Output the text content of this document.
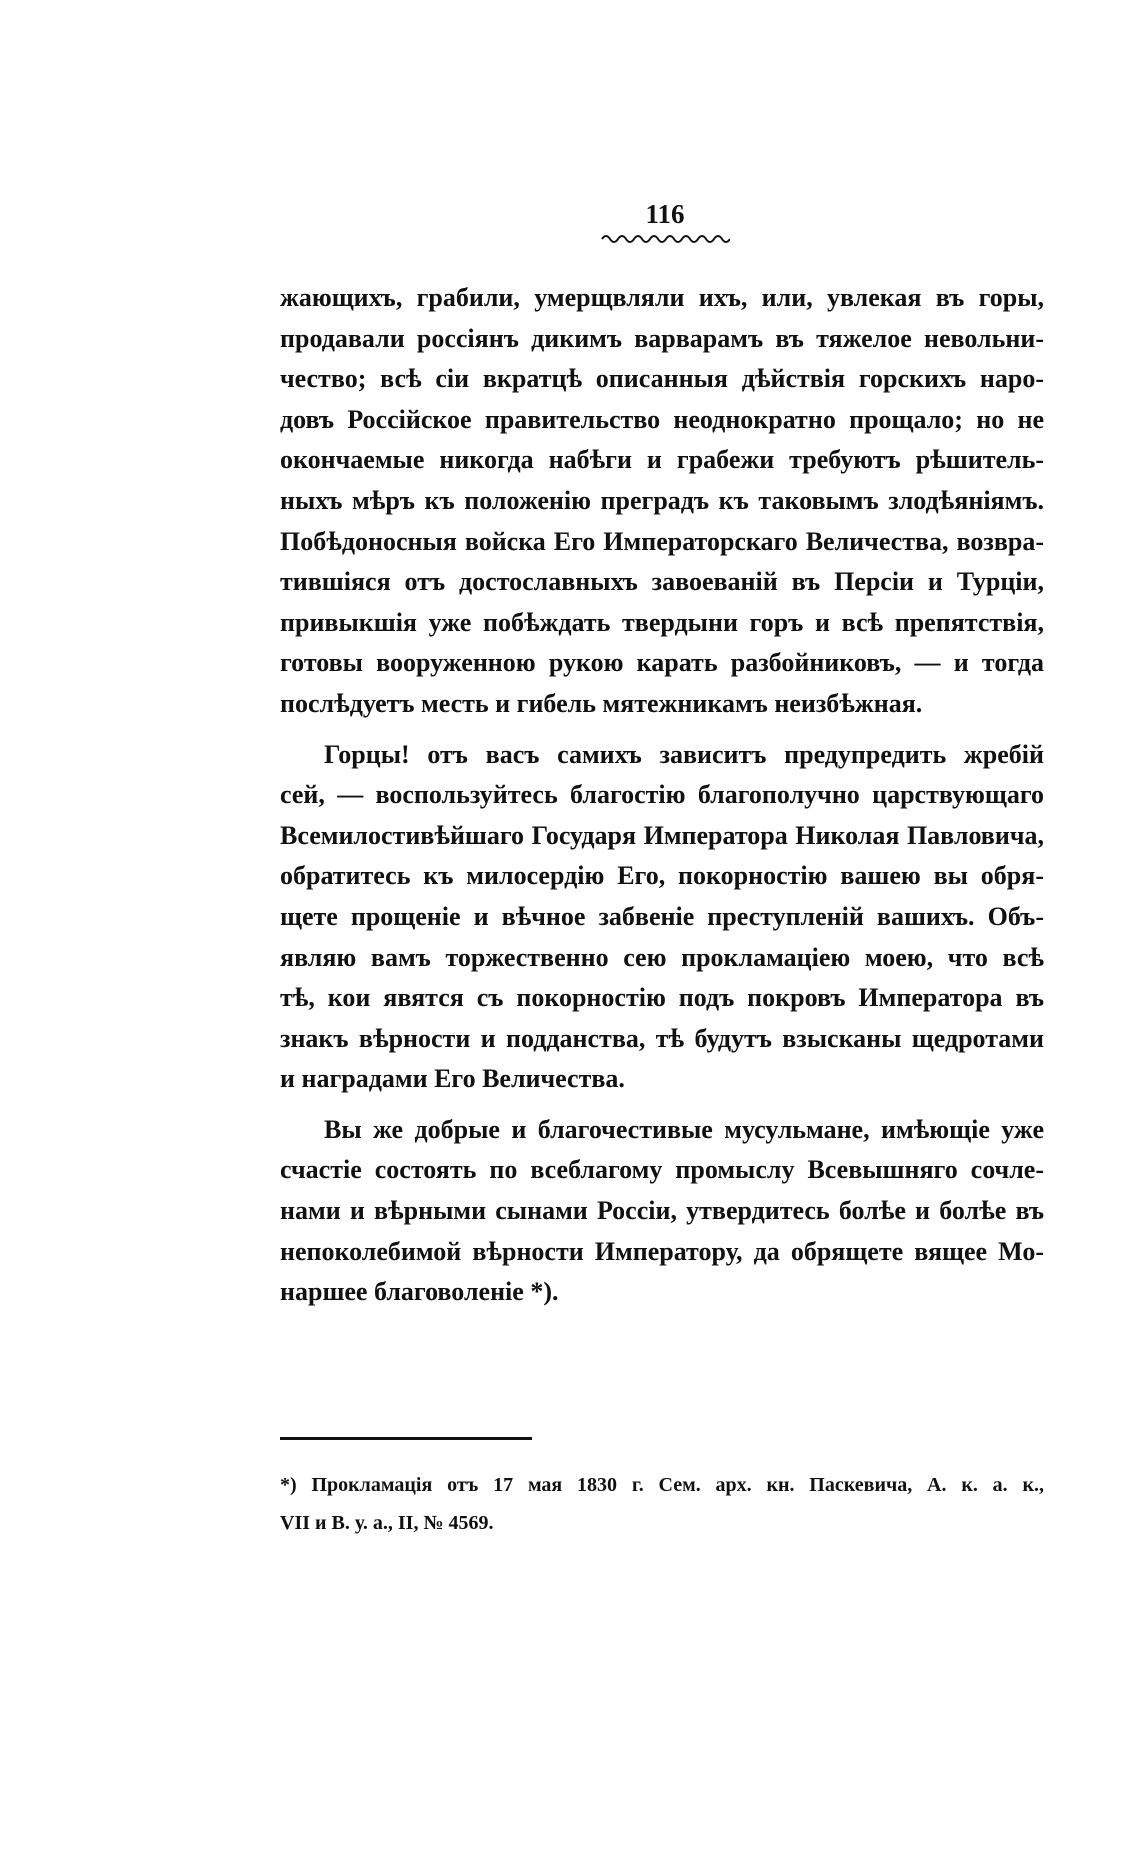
116
жающихъ, грабили, умерщвляли ихъ, или, увлекая въ горы,
продавали россіянъ дикимъ варварамъ въ тяжелое невольни-
чество; всѣ сіи вкратцѣ описанныя дѣйствія горскихъ наро-
довъ Россійское правительство неоднократно прощало; но не
окончаемые никогда набѣги и грабежи требуютъ рѣшитель-
ныхъ мѣръ къ положенію преградъ къ таковымъ злодѣяніямъ.
Побѣдоносныя войска Его Императорскаго Величества, возвра-
тившіяся отъ достославныхъ завоеваній въ Персіи и Турціи,
привыкшія уже побѣждать твердыни горъ и всѣ препятствія,
готовы вооруженною рукою карать разбойниковъ, — и тогда
послѣдуетъ месть и гибель мятежникамъ неизбѣжная.
Горцы! отъ васъ самихъ зависитъ предупредить жребій
сей, — воспользуйтесь благостію благополучно царствующаго
Всемилостивѣйшаго Государя Императора Николая Павловича,
обратитесь къ милосердію Его, покорностію вашею вы обря-
щете прощеніе и вѣчное забвеніе преступленій вашихъ. Объ-
являю вамъ торжественно сею прокламаціею моею, что всѣ
тѣ, кои явятся съ покорностію подъ покровъ Императора въ
знакъ вѣрности и подданства, тѣ будутъ взысканы щедротами
и наградами Его Величества.
Вы же добрые и благочестивые мусульмане, имѣющіе уже
счастіе состоять по всеблагому промыслу Всевышняго сочле-
нами и вѣрными сынами Россіи, утвердитесь болѣе и болѣе въ
непоколебимой вѣрности Императору, да обрящете вящее Мо-
наршее благоволеніе *).
*) Прокламація отъ 17 мая 1830 г. Сем. арх. кн. Паскевича, А. к. а. к.,
VII и В. у. а., II, № 4569.
